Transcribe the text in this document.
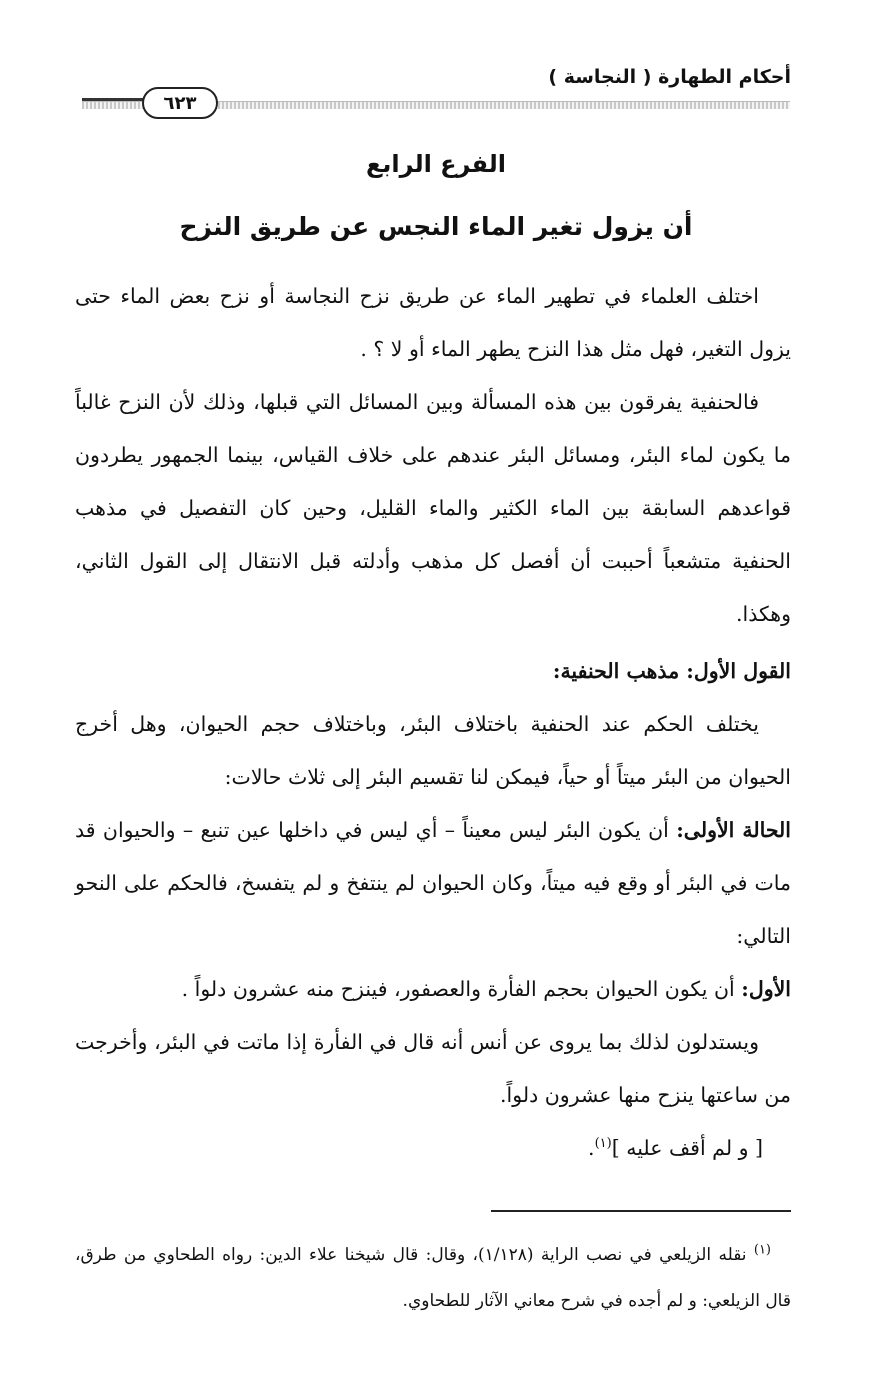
أحكام الطهارة ( النجاسة )
٦٢٣
الفرع الرابع
أن يزول تغير الماء النجس عن طريق النزح

اختلف العلماء في تطهير الماء عن طريق نزح النجاسة أو نزح بعض الماء حتى يزول التغير، فهل مثل هذا النزح يطهر الماء أو لا ؟ .

فالحنفية يفرقون بين هذه المسألة وبين المسائل التي قبلها، وذلك لأن النزح غالباً ما يكون لماء البئر، ومسائل البئر عندهم على خلاف القياس، بينما الجمهور يطردون قواعدهم السابقة بين الماء الكثير والماء القليل، وحين كان التفصيل في مذهب الحنفية متشعباً أحببت أن أفصل كل مذهب وأدلته قبل الانتقال إلى القول الثاني، وهكذا.

القول الأول: مذهب الحنفية:

يختلف الحكم عند الحنفية باختلاف البئر، وباختلاف حجم الحيوان، وهل أخرج الحيوان من البئر ميتاً أو حياً، فيمكن لنا تقسيم البئر إلى ثلاث حالات:

الحالة الأولى: أن يكون البئر ليس معيناً – أي ليس في داخلها عين تنبع – والحيوان قد مات في البئر أو وقع فيه ميتاً، وكان الحيوان لم ينتفخ و لم يتفسخ، فالحكم على النحو التالي:

الأول: أن يكون الحيوان بحجم الفأرة والعصفور، فينزح منه عشرون دلواً .

ويستدلون لذلك بما يروى عن أنس أنه قال في الفأرة إذا ماتت في البئر، وأخرجت من ساعتها ينزح منها عشرون دلواً.

[ و لم أقف عليه ]$^{(١)}$.

$^{(١)}$ نقله الزيلعي في نصب الراية (١/١٢٨)، وقال: قال شيخنا علاء الدين: رواه الطحاوي من طرق، قال الزيلعي: و لم أجده في شرح معاني الآثار للطحاوي.
